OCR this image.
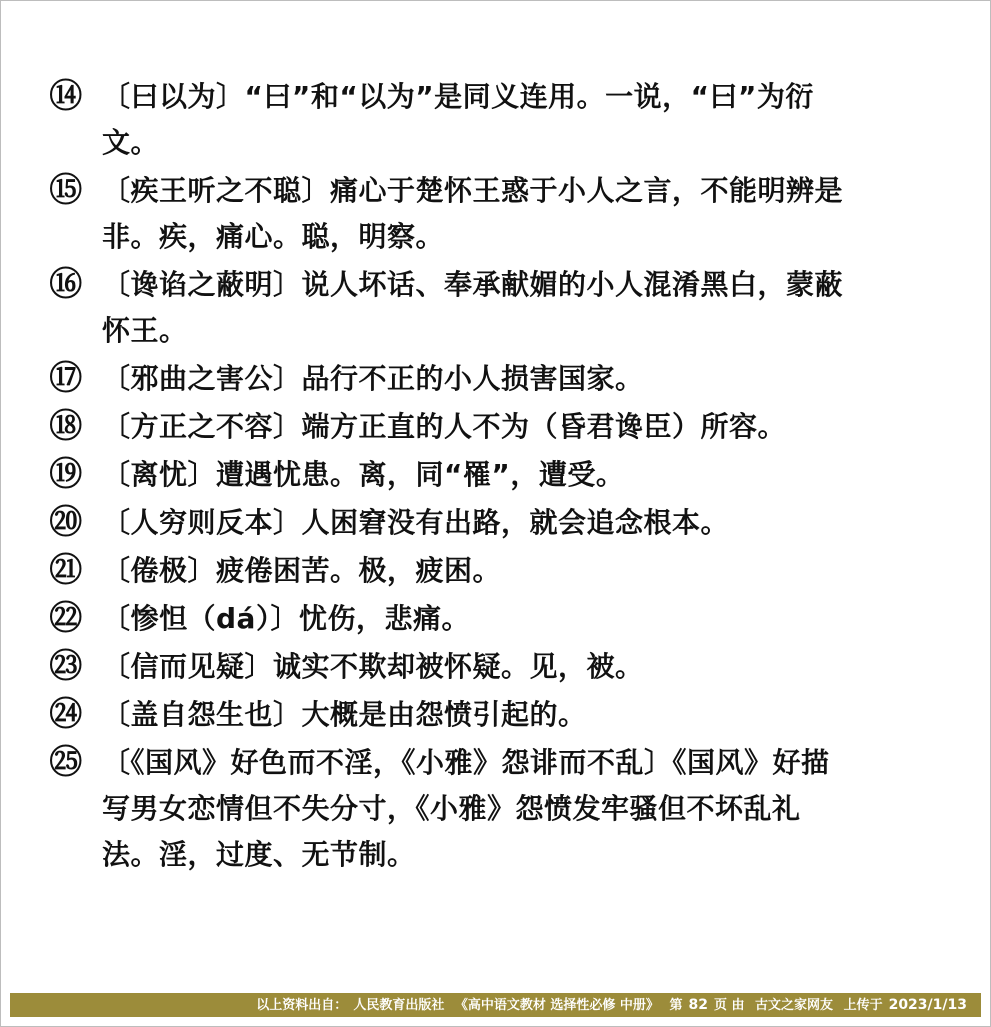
⑭ 〔曰以为〕“曰”和“以为”是同义连用。一说，“曰”为衍文。
⑮ 〔疾王听之不聪〕痛心于楚怀王惑于小人之言，不能明辨是非。疾，痛心。聪，明察。
⑯ 〔谗谄之蔽明〕说人坏话、奉承献媚的小人混淆黑白，蒙蔽怀王。
⑰ 〔邪曲之害公〕品行不正的小人损害国家。
⑱ 〔方正之不容〕端方正直的人不为（昏君谗臣）所容。
⑲ 〔离忧〕遭遇忧患。离，同“罹”，遭受。
⑳ 〔人穷则反本〕人困窘没有出路，就会追念根本。
㉑ 〔倦极〕疲倦困苦。极，疲困。
㉒ 〔惨怛（dá）〕忧伤，悲痛。
㉓ 〔信而见疑〕诚实不欺却被怀疑。见，被。
㉔ 〔盖自怨生也〕大概是由怨愤引起的。
㉕ 〔《国风》好色而不淫，《小雅》怨诽而不乱〕《国风》好描写男女恋情但不失分寸，《小雅》怨愤发牢骚但不坏乱礼法。淫，过度、无节制。
以上资料出自： 人民教育出版社 《高中语文教材 选择性必修 中册》 第 82 页 由 古文之家网友 上传于 2023/1/13
